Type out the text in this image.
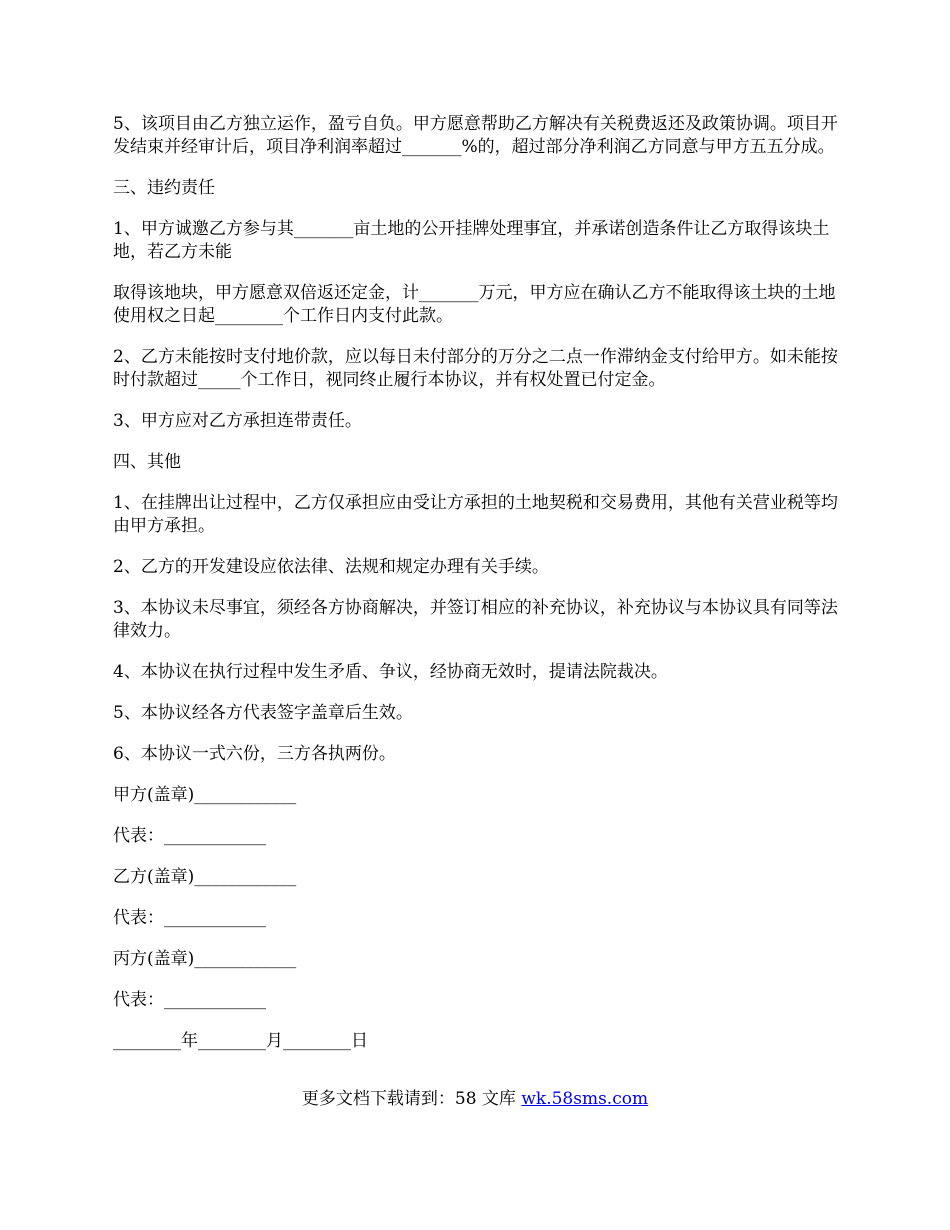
5、该项目由乙方独立运作，盈亏自负。甲方愿意帮助乙方解决有关税费返还及政策协调。项目开发结束并经审计后，项目净利润率超过_______%的，超过部分净利润乙方同意与甲方五五分成。

三、违约责任

1、甲方诚邀乙方参与其_______亩土地的公开挂牌处理事宜，并承诺创造条件让乙方取得该块土地，若乙方未能

取得该地块，甲方愿意双倍返还定金，计_______万元，甲方应在确认乙方不能取得该土块的土地使用权之日起________个工作日内支付此款。

2、乙方未能按时支付地价款，应以每日未付部分的万分之二点一作滞纳金支付给甲方。如未能按时付款超过_____个工作日，视同终止履行本协议，并有权处置已付定金。

3、甲方应对乙方承担连带责任。

四、其他

1、在挂牌出让过程中，乙方仅承担应由受让方承担的土地契税和交易费用，其他有关营业税等均由甲方承担。

2、乙方的开发建设应依法律、法规和规定办理有关手续。

3、本协议未尽事宜，须经各方协商解决，并签订相应的补充协议，补充协议与本协议具有同等法律效力。

4、本协议在执行过程中发生矛盾、争议，经协商无效时，提请法院裁决。

5、本协议经各方代表签字盖章后生效。

6、本协议一式六份，三方各执两份。

甲方(盖章)____________

代表：____________

乙方(盖章)____________

代表：____________

丙方(盖章)____________

代表：____________

________年________月________日

更多文档下载请到：58 文库 wk.58sms.com
